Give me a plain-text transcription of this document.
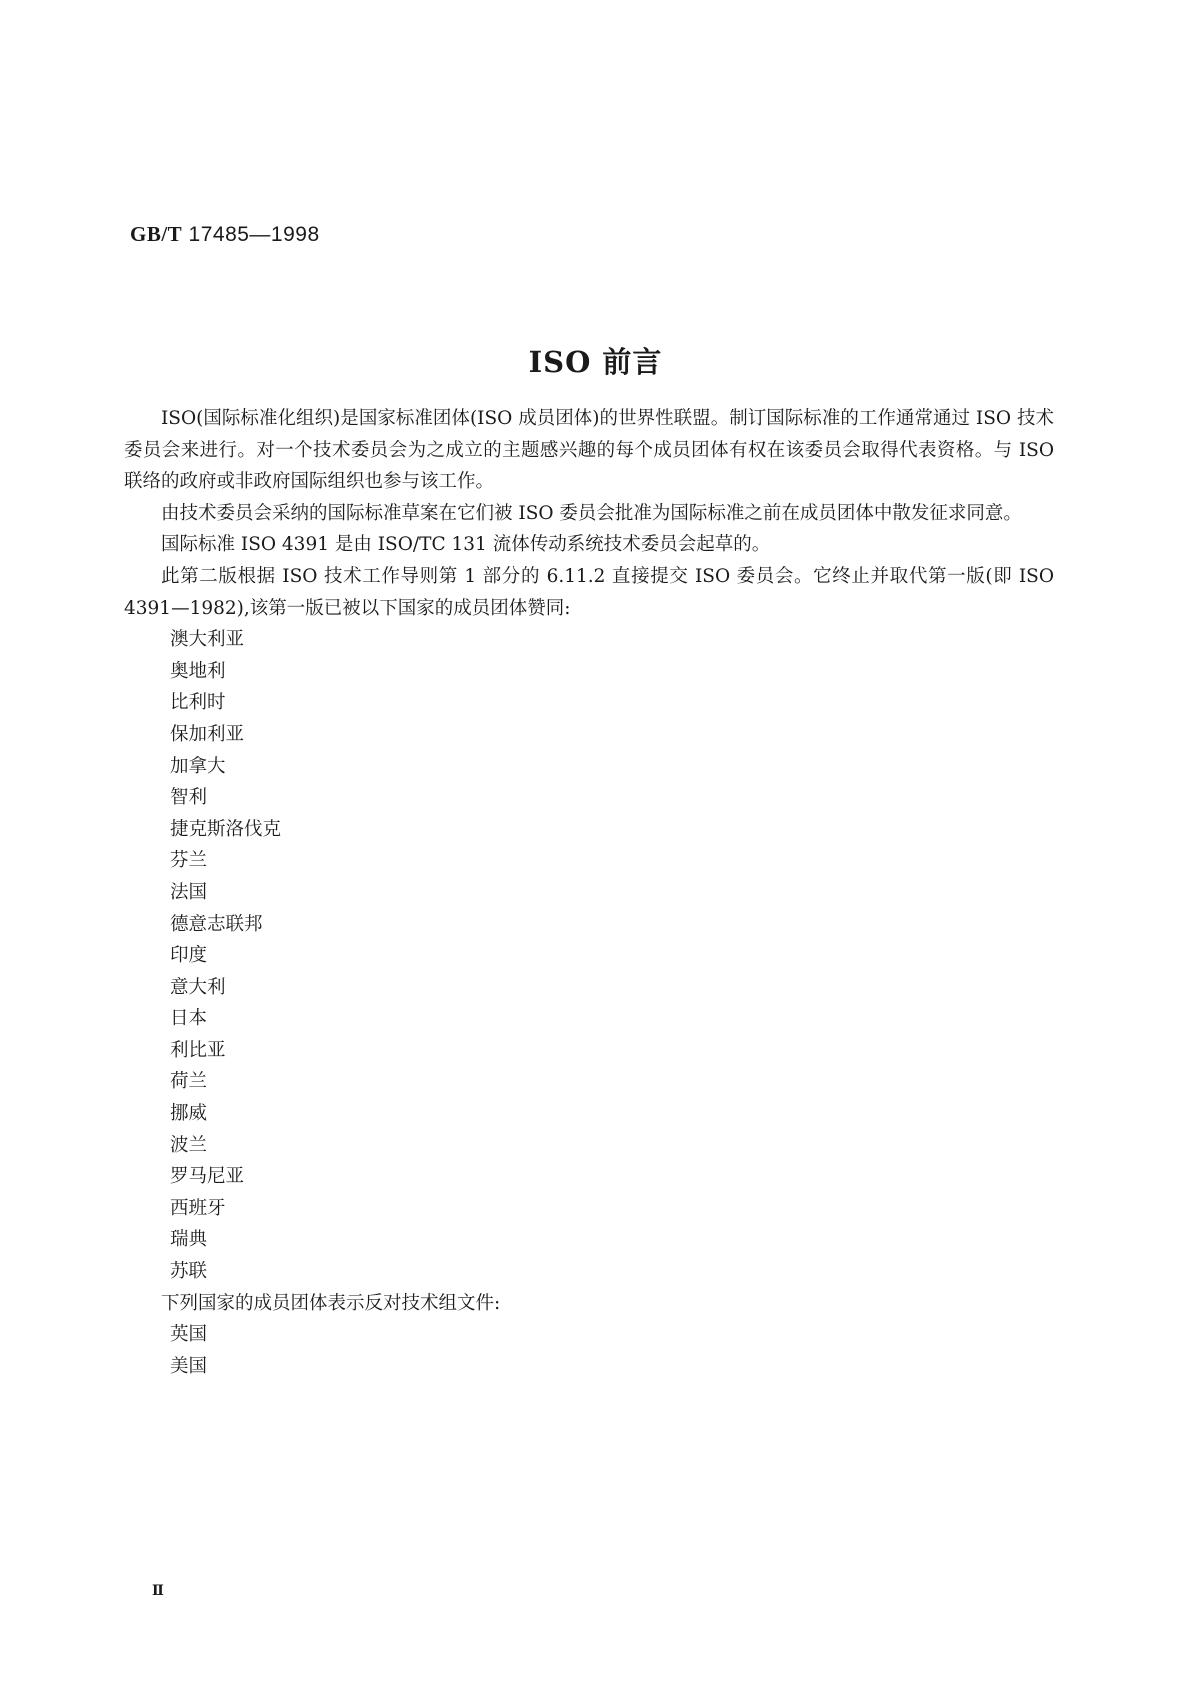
GB/T 17485—1998
ISO 前言

ISO(国际标准化组织)是国家标准团体(ISO 成员团体)的世界性联盟。制订国际标准的工作通常通过 ISO 技术委员会来进行。对一个技术委员会为之成立的主题感兴趣的每个成员团体有权在该委员会取得代表资格。与 ISO 联络的政府或非政府国际组织也参与该工作。

由技术委员会采纳的国际标准草案在它们被 ISO 委员会批准为国际标准之前在成员团体中散发征求同意。

国际标准 ISO 4391 是由 ISO/TC 131 流体传动系统技术委员会起草的。

此第二版根据 ISO 技术工作导则第 1 部分的 6.11.2 直接提交 ISO 委员会。它终止并取代第一版(即 ISO 4391—1982),该第一版已被以下国家的成员团体赞同:

澳大利亚
奥地利
比利时
保加利亚
加拿大
智利
捷克斯洛伐克
芬兰
法国
德意志联邦
印度
意大利
日本
利比亚
荷兰
挪威
波兰
罗马尼亚
西班牙
瑞典
苏联

下列国家的成员团体表示反对技术组文件:

英国
美国
Ⅱ
